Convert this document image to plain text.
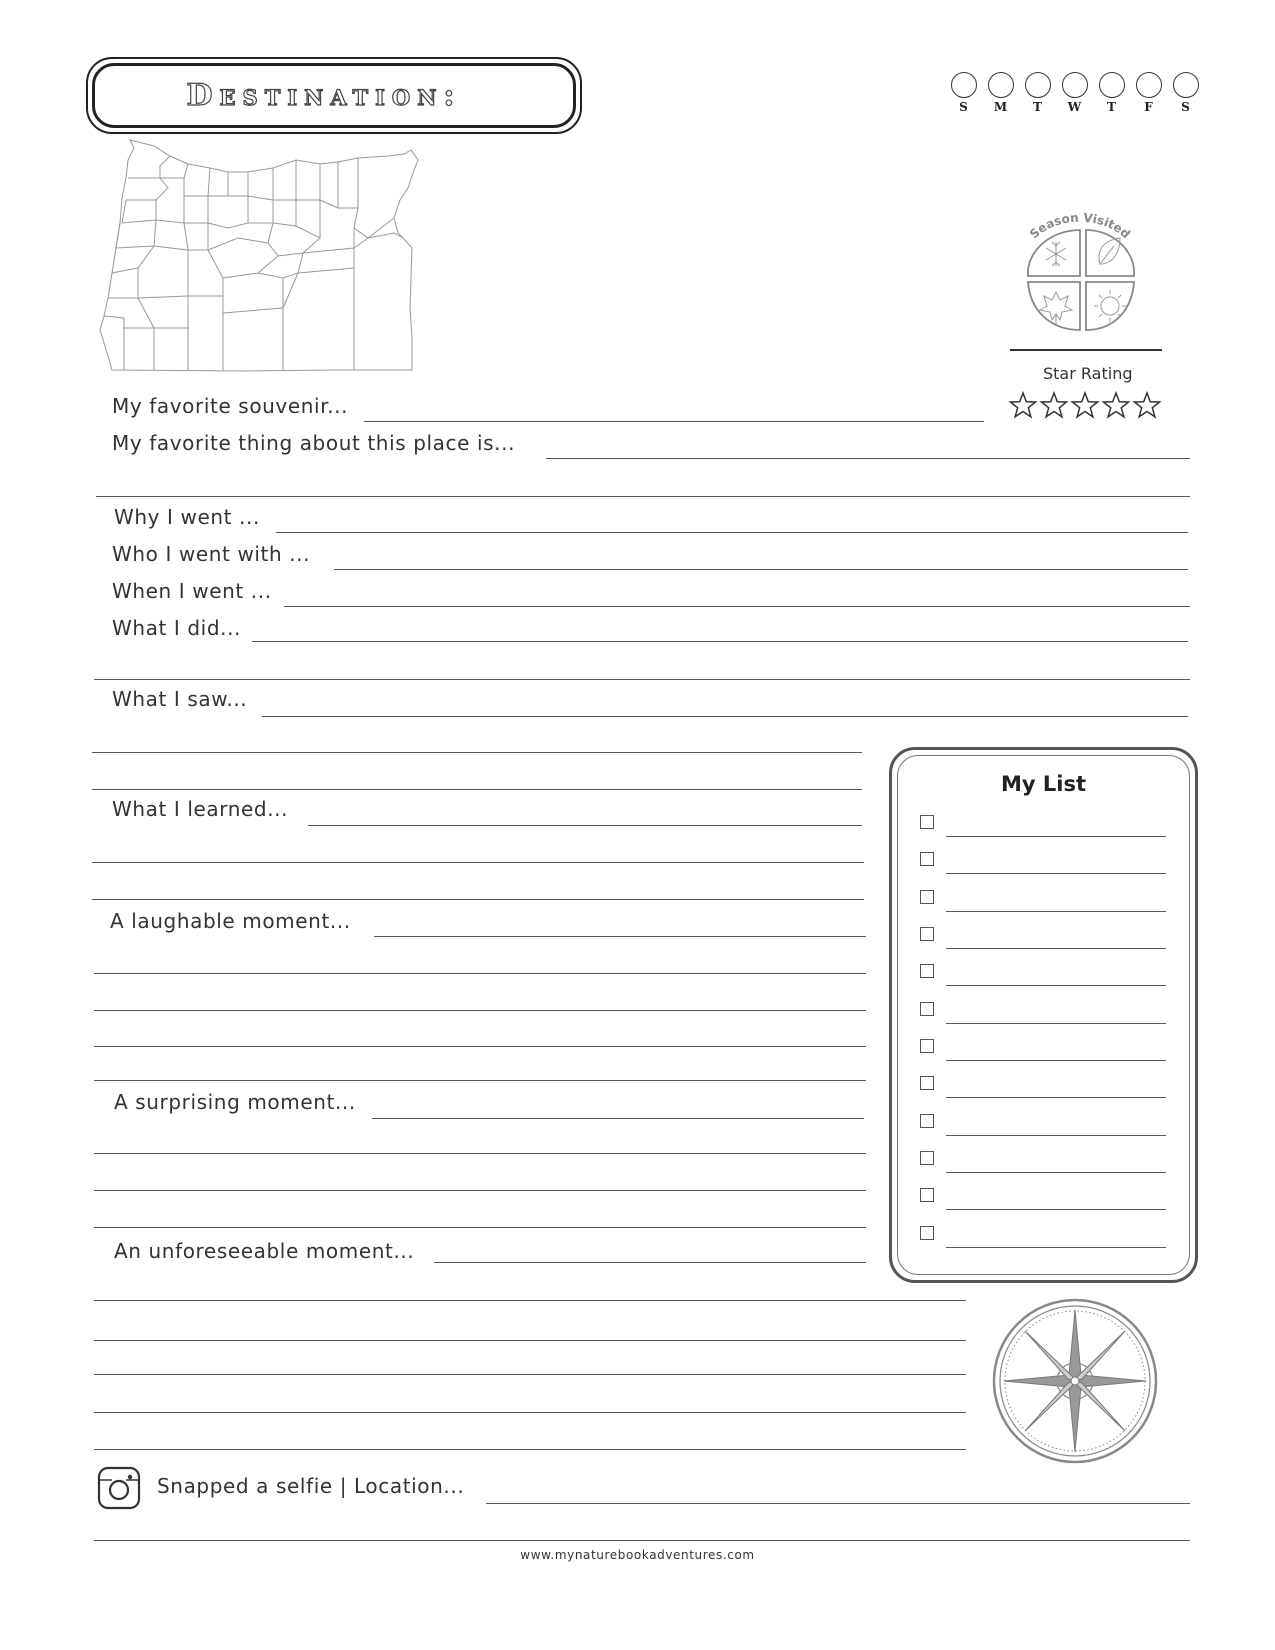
Destination:	S M T W T F S
Season Visited
Star Rating
My favorite souvenir...
My favorite thing about this place is...
Why I went ...
Who I went with ...
When I went ...
What I did...
What I saw...
What I learned...
A laughable moment...
A surprising moment...
An unforeseeable moment...
My List
Snapped a selfie | Location...
www.mynaturebookadventures.com
